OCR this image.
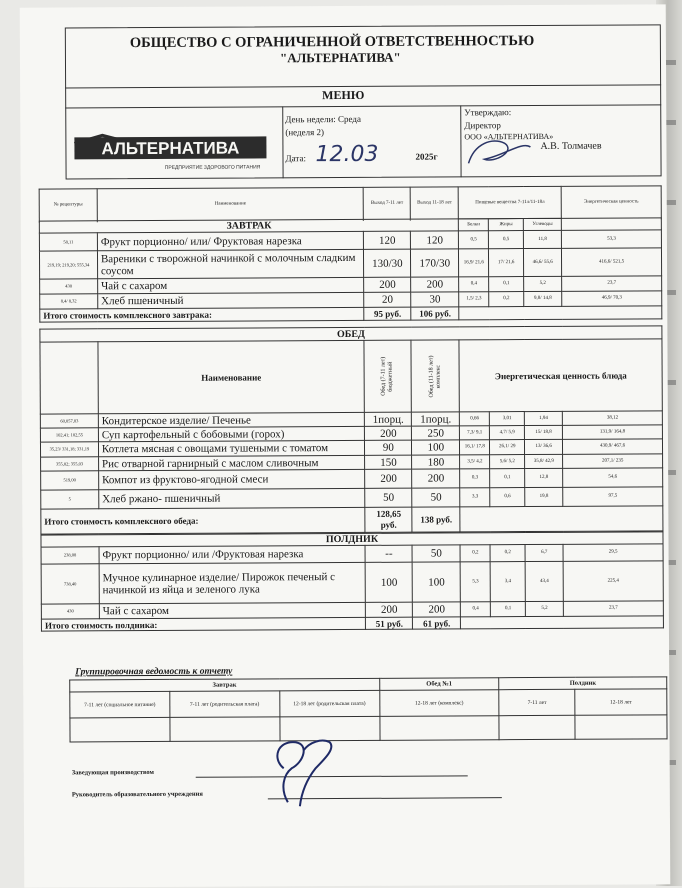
ОБЩЕСТВО С ОГРАНИЧЕННОЙ ОТВЕТСТВЕННОСТЬЮ
"АЛЬТЕРНАТИВА"
МЕНЮ
АЛЬТЕРНАТИВА
ПРЕДПРИЯТИЕ ЗДОРОВОГО ПИТАНИЯ
День недели: Среда
(неделя 2)
Дата: 12.03	2025г
Утверждаю:
Директор
ООО «АЛЬТЕРНАТИВА»
А.В. Толмачев
№ рецептуры	Наименование	Выход 7-11 лет	Выход 11-18 лет	Пищевые вещества 7-11л/11-18л			Энергетическая ценность

ЗАВТРАК				Белки	Жиры	Углеводы	
58,11	Фрукт порционно/ или/ Фруктовая нарезка	120	120	0,5	0,5	11,8	53,3
219,19; 219,20; 555,34	Вареники с творожной начинкой с молочным сладким соусом	130/30	170/30	16,9/ 21,6	17/ 21,6	46,6/ 55,6	416,6/ 521,5
430	Чай с сахаром	200	200	0,4	0,1	5,2	23,7
8,4/ 8,32	Хлеб пшеничный	20	30	1,5/ 2,3	0,2	9,8/ 14,8	46,9/ 70,3
Итого стоимость комплексного завтрака:		95 руб.	106 руб.				
ОБЕД							
	Наименование	Обед (7-11 лет) бюджетный	Обед (11-18 лет) комплекс	Энергетическая ценность блюда			
60,057,83	Кондитерское изделие/ Печенье	1порц.	1порц.	0,66	3,01	1,94	38,12
102,41; 102,55	Суп картофельный с бобовыми (горох)	200	250	7,3/ 9,1	4,7/ 5,9	15/ 18,8	131,9/ 164,8
35,23/ 331,18; 331,19	Котлета мясная с овощами тушеными с томатом	90	100	16,1/ 17,8	26,1/ 29	13/ 36,6	430,9/ 467,6
355,02; 355,03	Рис отварной гарнирный с маслом сливочным	150	180	3,5/ 4,2	5,6/ 5,2	35,8/ 42,9	207,1/ 235
519,00	Компот из фруктово-ягодной смеси	200	200	0,3	0,1	12,8	54,6
5	Хлеб ржано- пшеничный	50	50	3,3	0,6	19,8	97,5
Итого стоимость комплексного обеда:		128,65 руб.	138 руб.				
ПОЛДНИК							
238,08	Фрукт порционно/ или /Фруктовая нарезка	--	50	0,2	0,2	6,7	29,5
738,40	Мучное кулинарное изделие/ Пирожок печеный с начинкой из яйца и зеленого лука	100	100	5,3	3,4	43,4	225,4
430	Чай с сахаром	200	200	0,4	0,1	5,2	23,7
Итого стоимость полдника:		51 руб.	61 руб.				
Группировочная ведомость к отчету
Завтрак			Обед №1	Полдник	
7-11 лет (социальное питание)	7-11 лет (родительская плата)	12-18 лет (родительская плата)	12-18 лет (комплекс)	7-11 лет	12-18 лет

Заведующая производством
Руководитель образовательного учреждения
